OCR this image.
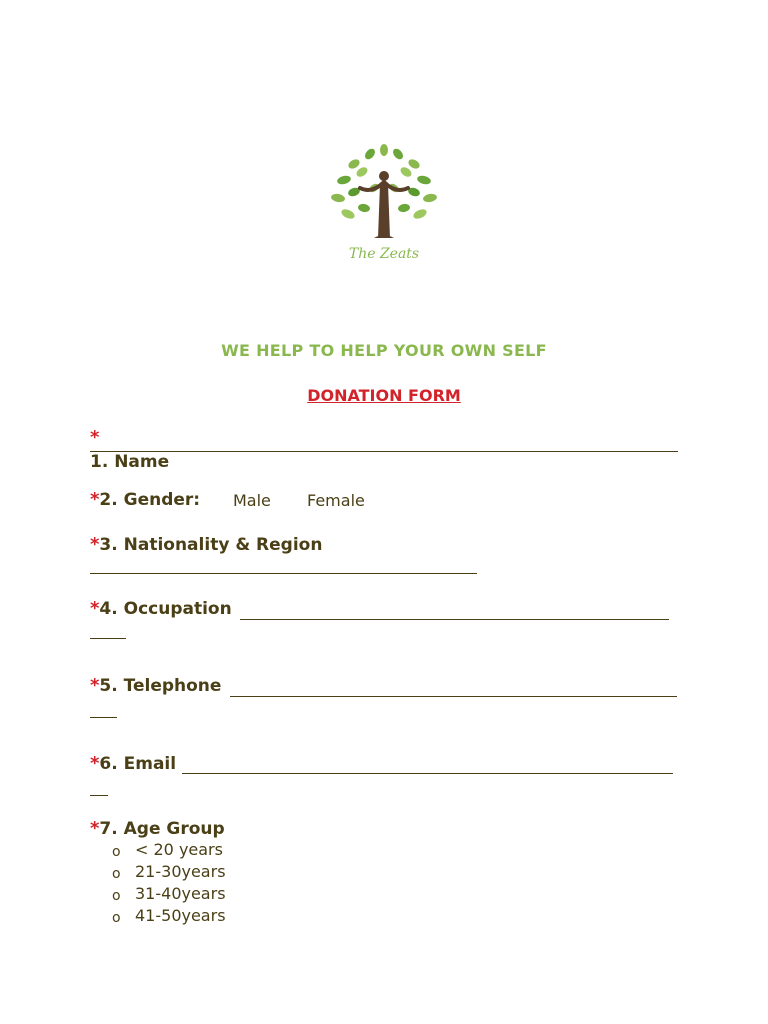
The Zeats
WE HELP TO HELP YOUR OWN SELF
DONATION FORM
*
1. Name
*2. Gender: Male Female
*3. Nationality & Region
*4. Occupation
*5. Telephone
*6. Email
*7. Age Group
o < 20 years
o 21-30years
o 31-40years
o 41-50years
